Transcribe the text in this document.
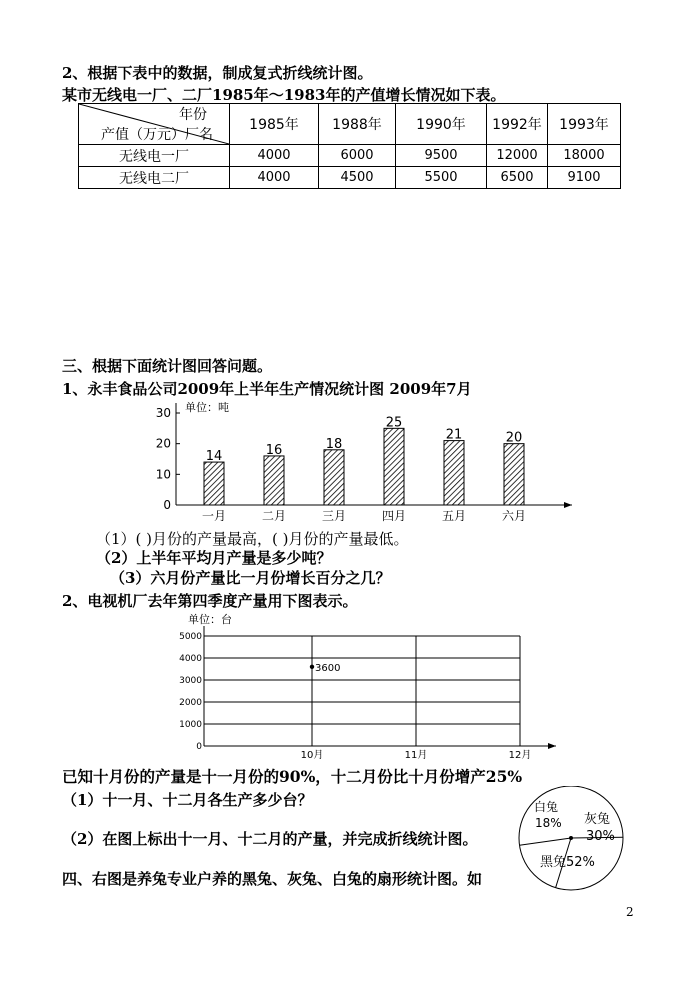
2、根据下表中的数据，制成复式折线统计图。
某市无线电一厂、二厂1985年～1983年的产值增长情况如下表。
年份
产值（万元）厂名	1985年	1988年	1990年	1992年	1993年
无线电一厂	4000	6000	9500	12000	18000
无线电二厂	4000	4500	5500	6500	9100
三、根据下面统计图回答问题。
1、永丰食品公司2009年上半年生产情况统计图 2009年7月
单位：吨
0
10
20
30
14
一月
16
二月
18
三月
25
四月
21
五月
20
六月
（1）( )月份的产量最高，( )月份的产量最低。
（2）上半年平均月产量是多少吨？
（3）六月份产量比一月份增长百分之几？
2、电视机厂去年第四季度产量用下图表示。
单位：台
0
1000
2000
3000
4000
5000
10月	11月	12月
3600
已知十月份的产量是十一月份的90%，十二月份比十月份增产25%
（1）十一月、十二月各生产多少台？
（2）在图上标出十一月、十二月的产量，并完成折线统计图。
四、右图是养兔专业户养的黑兔、灰兔、白兔的扇形统计图。如
黑兔52%
灰兔
30%
白兔
18%
2
